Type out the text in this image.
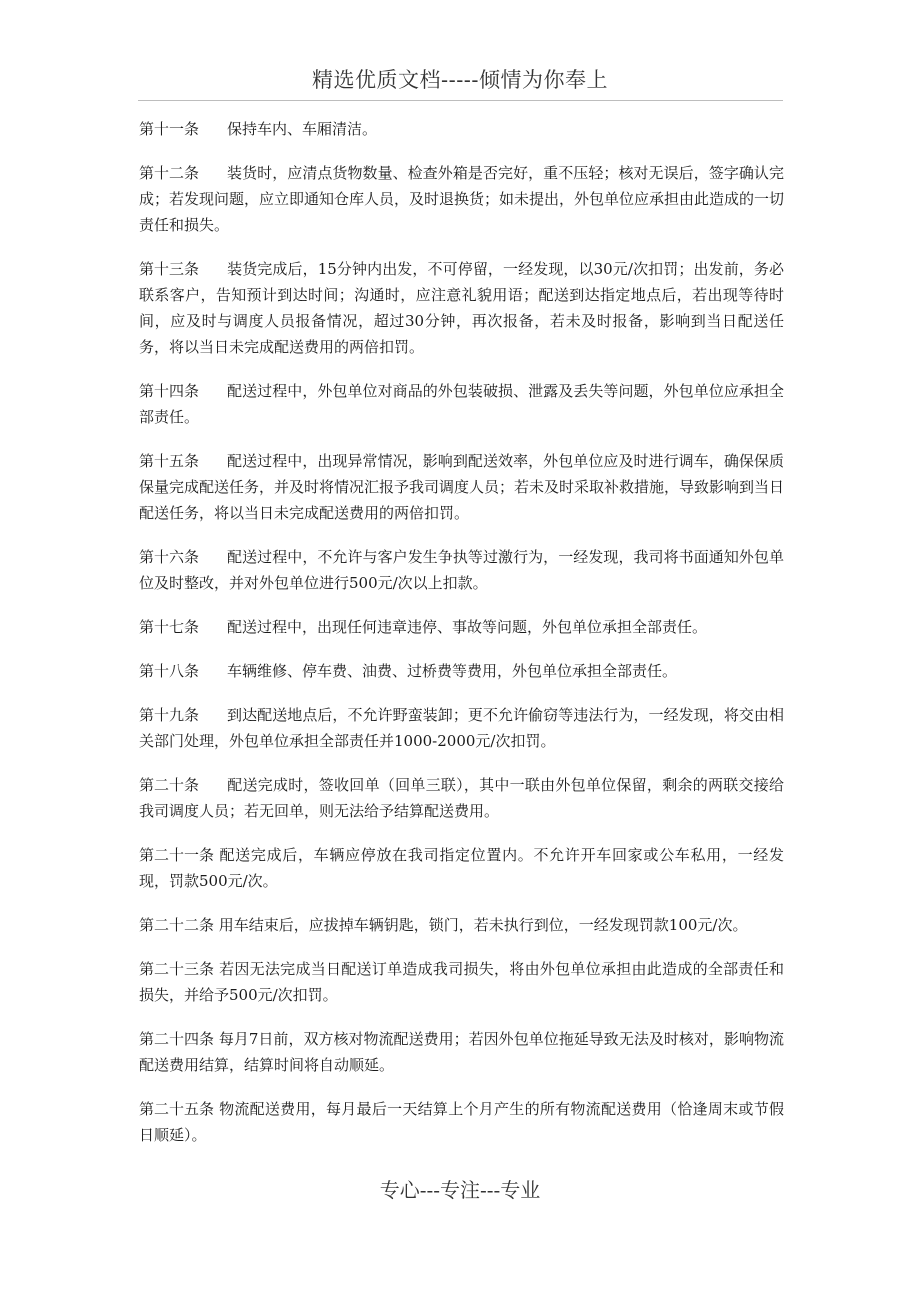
精选优质文档-----倾情为你奉上

第十一条 保持车内、车厢清洁。

第十二条 装货时，应清点货物数量、检查外箱是否完好，重不压轻；核对无误后，签字确认完成；若发现问题，应立即通知仓库人员，及时退换货；如未提出，外包单位应承担由此造成的一切责任和损失。

第十三条 装货完成后，15分钟内出发，不可停留，一经发现，以30元/次扣罚；出发前，务必联系客户，告知预计到达时间；沟通时，应注意礼貌用语；配送到达指定地点后，若出现等待时间，应及时与调度人员报备情况，超过30分钟，再次报备，若未及时报备，影响到当日配送任务，将以当日未完成配送费用的两倍扣罚。

第十四条 配送过程中，外包单位对商品的外包装破损、泄露及丢失等问题，外包单位应承担全部责任。

第十五条 配送过程中，出现异常情况，影响到配送效率，外包单位应及时进行调车，确保保质保量完成配送任务，并及时将情况汇报予我司调度人员；若未及时采取补救措施，导致影响到当日配送任务，将以当日未完成配送费用的两倍扣罚。

第十六条 配送过程中，不允许与客户发生争执等过激行为，一经发现，我司将书面通知外包单位及时整改，并对外包单位进行500元/次以上扣款。

第十七条 配送过程中，出现任何违章违停、事故等问题，外包单位承担全部责任。

第十八条 车辆维修、停车费、油费、过桥费等费用，外包单位承担全部责任。

第十九条 到达配送地点后，不允许野蛮装卸；更不允许偷窃等违法行为，一经发现，将交由相关部门处理，外包单位承担全部责任并1000-2000元/次扣罚。

第二十条 配送完成时，签收回单（回单三联），其中一联由外包单位保留，剩余的两联交接给我司调度人员；若无回单，则无法给予结算配送费用。

第二十一条 配送完成后，车辆应停放在我司指定位置内。不允许开车回家或公车私用，一经发现，罚款500元/次。

第二十二条 用车结束后，应拔掉车辆钥匙，锁门，若未执行到位，一经发现罚款100元/次。

第二十三条 若因无法完成当日配送订单造成我司损失，将由外包单位承担由此造成的全部责任和损失，并给予500元/次扣罚。

第二十四条 每月7日前，双方核对物流配送费用；若因外包单位拖延导致无法及时核对，影响物流配送费用结算，结算时间将自动顺延。

第二十五条 物流配送费用，每月最后一天结算上个月产生的所有物流配送费用（恰逢周末或节假日顺延）。

专心---专注---专业
